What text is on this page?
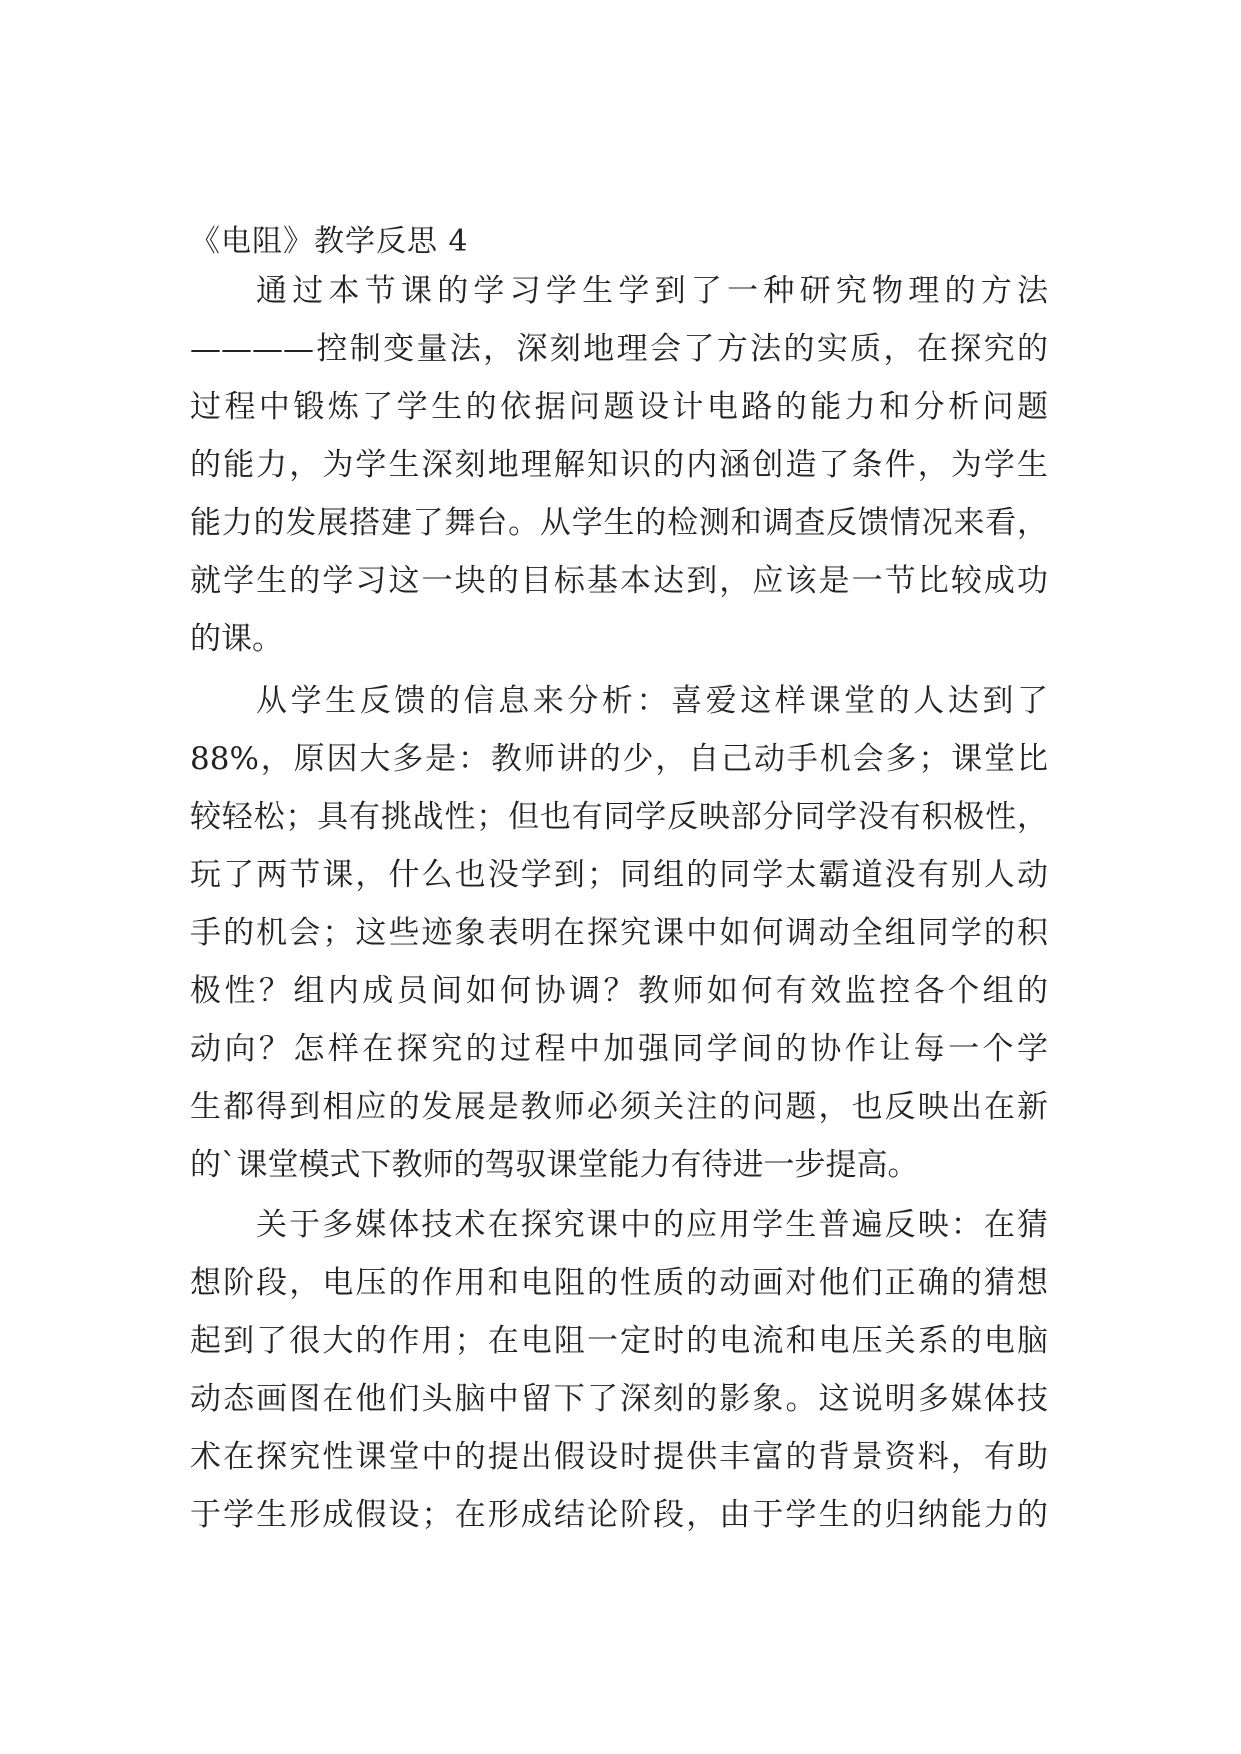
《电阻》教学反思 4
通过本节课的学习学生学到了一种研究物理的方法
————控制变量法，深刻地理会了方法的实质，在探究的
过程中锻炼了学生的依据问题设计电路的能力和分析问题
的能力，为学生深刻地理解知识的内涵创造了条件，为学生
能力的发展搭建了舞台。从学生的检测和调查反馈情况来看，
就学生的学习这一块的目标基本达到，应该是一节比较成功
的课。
从学生反馈的信息来分析：喜爱这样课堂的人达到了
88%，原因大多是：教师讲的少，自己动手机会多；课堂比
较轻松；具有挑战性；但也有同学反映部分同学没有积极性，
玩了两节课，什么也没学到；同组的同学太霸道没有别人动
手的机会；这些迹象表明在探究课中如何调动全组同学的积
极性？组内成员间如何协调？教师如何有效监控各个组的
动向？怎样在探究的过程中加强同学间的协作让每一个学
生都得到相应的发展是教师必须关注的问题，也反映出在新
的`课堂模式下教师的驾驭课堂能力有待进一步提高。
关于多媒体技术在探究课中的应用学生普遍反映：在猜
想阶段，电压的作用和电阻的性质的动画对他们正确的猜想
起到了很大的作用；在电阻一定时的电流和电压关系的电脑
动态画图在他们头脑中留下了深刻的影象。这说明多媒体技
术在探究性课堂中的提出假设时提供丰富的背景资料，有助
于学生形成假设；在形成结论阶段，由于学生的归纳能力的
